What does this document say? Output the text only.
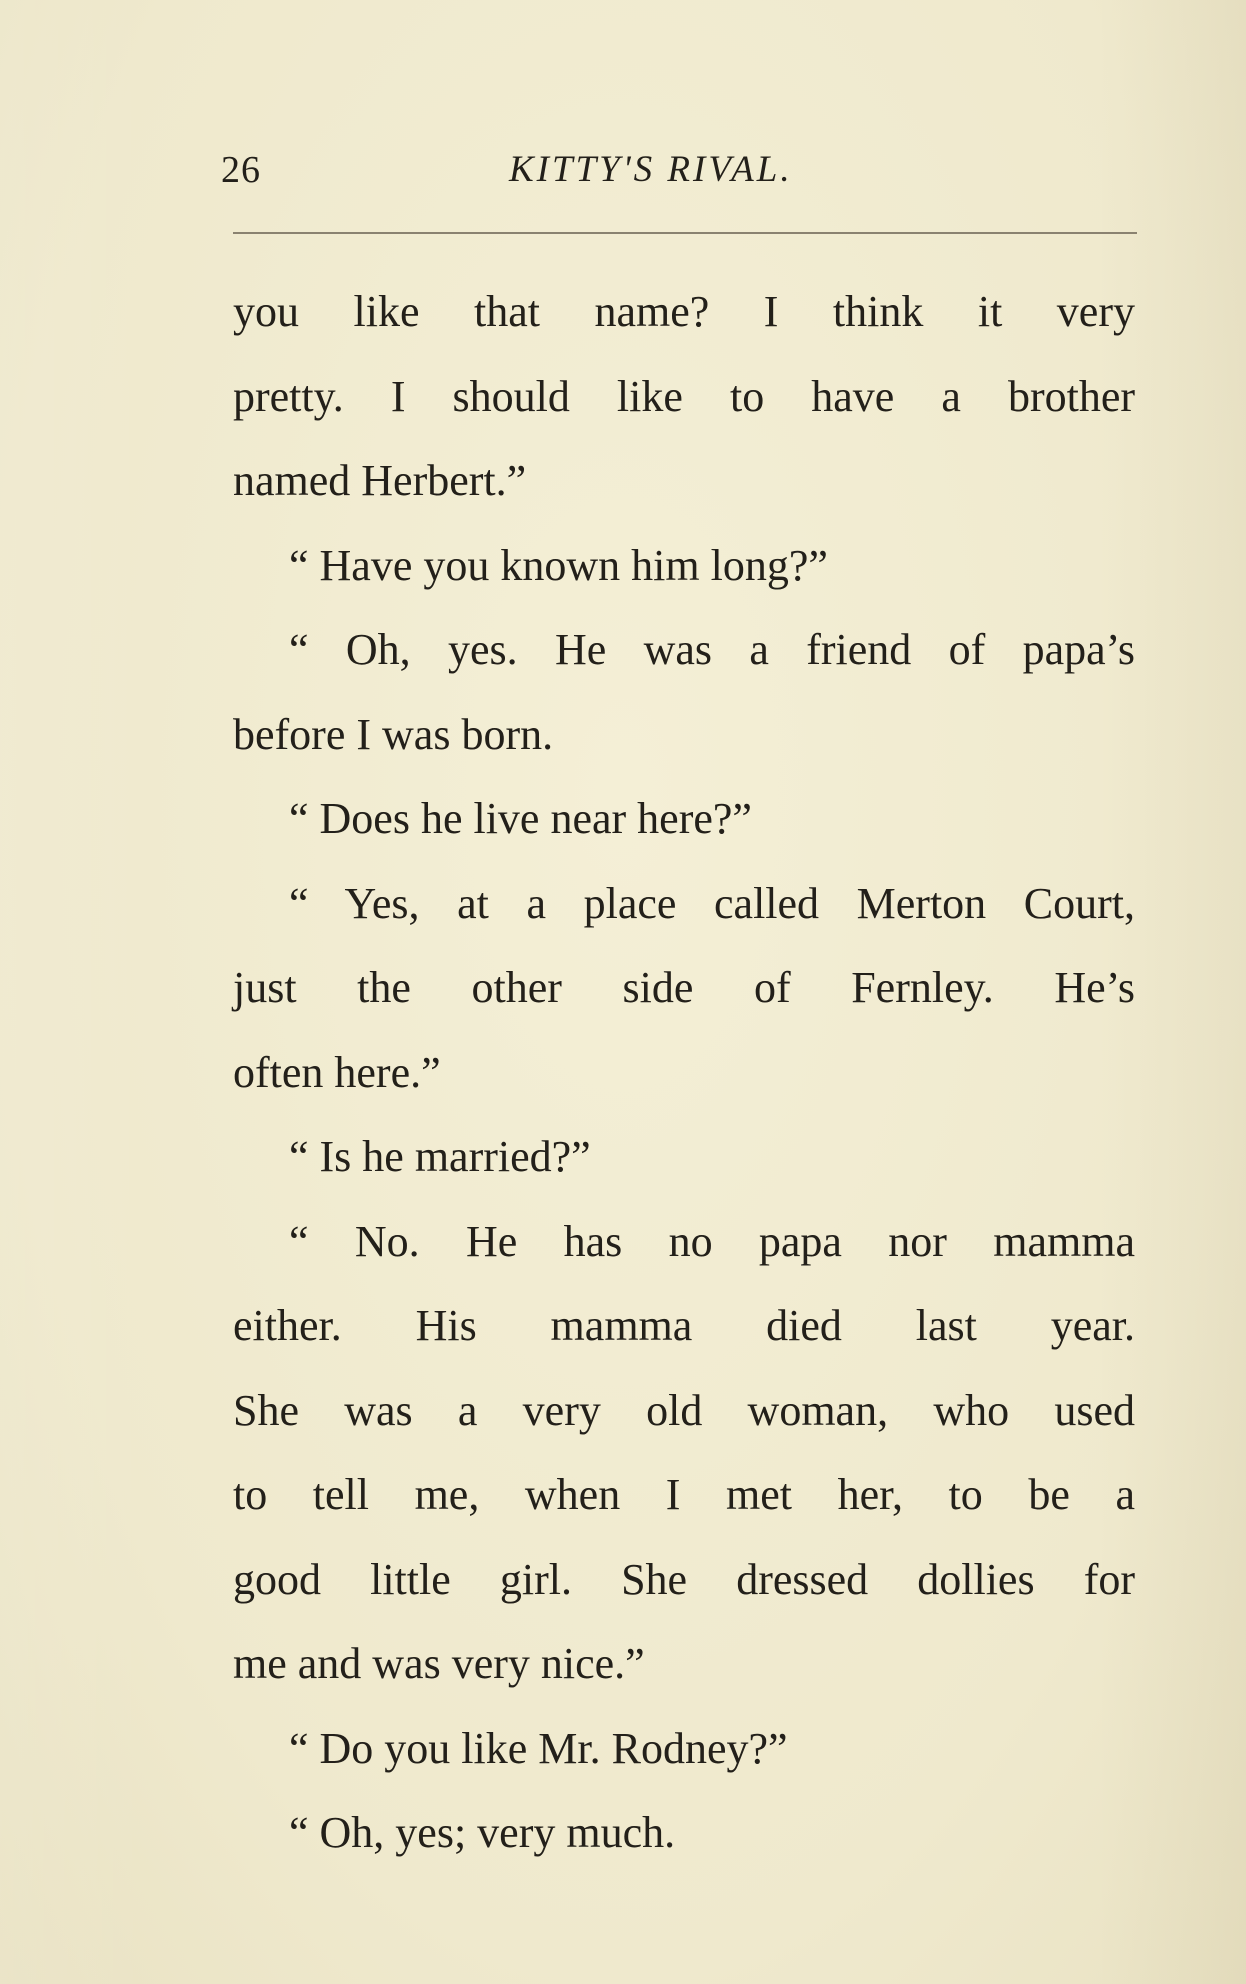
26	KITTY'S RIVAL.
you like that name? I think it very
pretty. I should like to have a brother
named Herbert.”
“ Have you known him long?”
“ Oh, yes. He was a friend of papa’s
before I was born.
“ Does he live near here?”
“ Yes, at a place called Merton Court,
just the other side of Fernley. He’s
often here.”
“ Is he married?”
“ No. He has no papa nor mamma
either. His mamma died last year.
She was a very old woman, who used
to tell me, when I met her, to be a
good little girl. She dressed dollies for
me and was very nice.”
“ Do you like Mr. Rodney?”
“ Oh, yes; very much.
